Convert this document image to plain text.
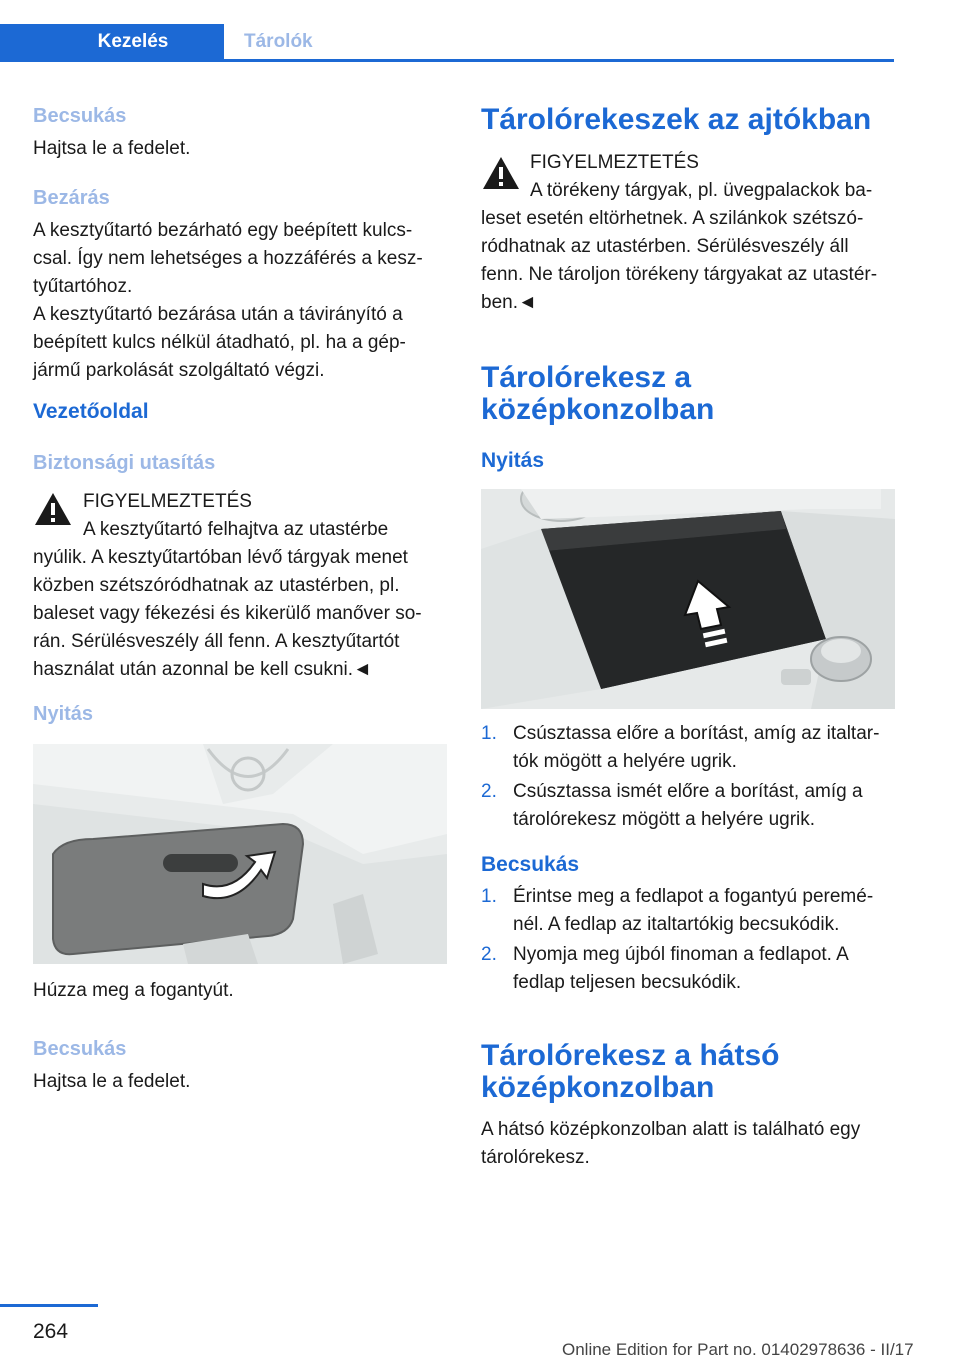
Kezelés	Tárolók
Becsukás
Hajtsa le a fedelet.
Bezárás
A kesztyűtartó bezárható egy beépített kulcs-csal. Így nem lehetséges a hozzáférés a kesz-tyűtartóhoz.
A kesztyűtartó bezárása után a távirányító a beépített kulcs nélkül átadható, pl. ha a gép-jármű parkolását szolgáltató végzi.
Vezetőoldal
Biztonsági utasítás
FIGYELMEZTETÉS
A kesztyűtartó felhajtva az utastérbe
nyúlik. A kesztyűtartóban lévő tárgyak menet közben szétszóródhatnak az utastérben, pl. baleset vagy fékezési és kikerülő manőver so-rán. Sérülésveszély áll fenn. A kesztyűtartót használat után azonnal be kell csukni.◄
Nyitás
Húzza meg a fogantyút.
Becsukás
Hajtsa le a fedelet.
Tárolórekeszek az ajtókban
FIGYELMEZTETÉS
A törékeny tárgyak, pl. üvegpalackok ba-
leset esetén eltörhetnek. A szilánkok szétszó-ródhatnak az utastérben. Sérülésveszély áll fenn. Ne tároljon törékeny tárgyakat az utastér-ben.◄
Tárolórekesz a
középkonzolban
Nyitás
1. Csúsztassa előre a borítást, amíg az italtar-tók mögött a helyére ugrik.
2. Csúsztassa ismét előre a borítást, amíg a tárolórekesz mögött a helyére ugrik.
Becsukás
1. Érintse meg a fedlapot a fogantyú peremé-nél. A fedlap az italtartókig becsukódik.
2. Nyomja meg újból finoman a fedlapot. A fedlap teljesen becsukódik.
Tárolórekesz a hátsó
középkonzolban
A hátsó középkonzolban alatt is található egy tárolórekesz.
264
Online Edition for Part no. 01402978636 - II/17
